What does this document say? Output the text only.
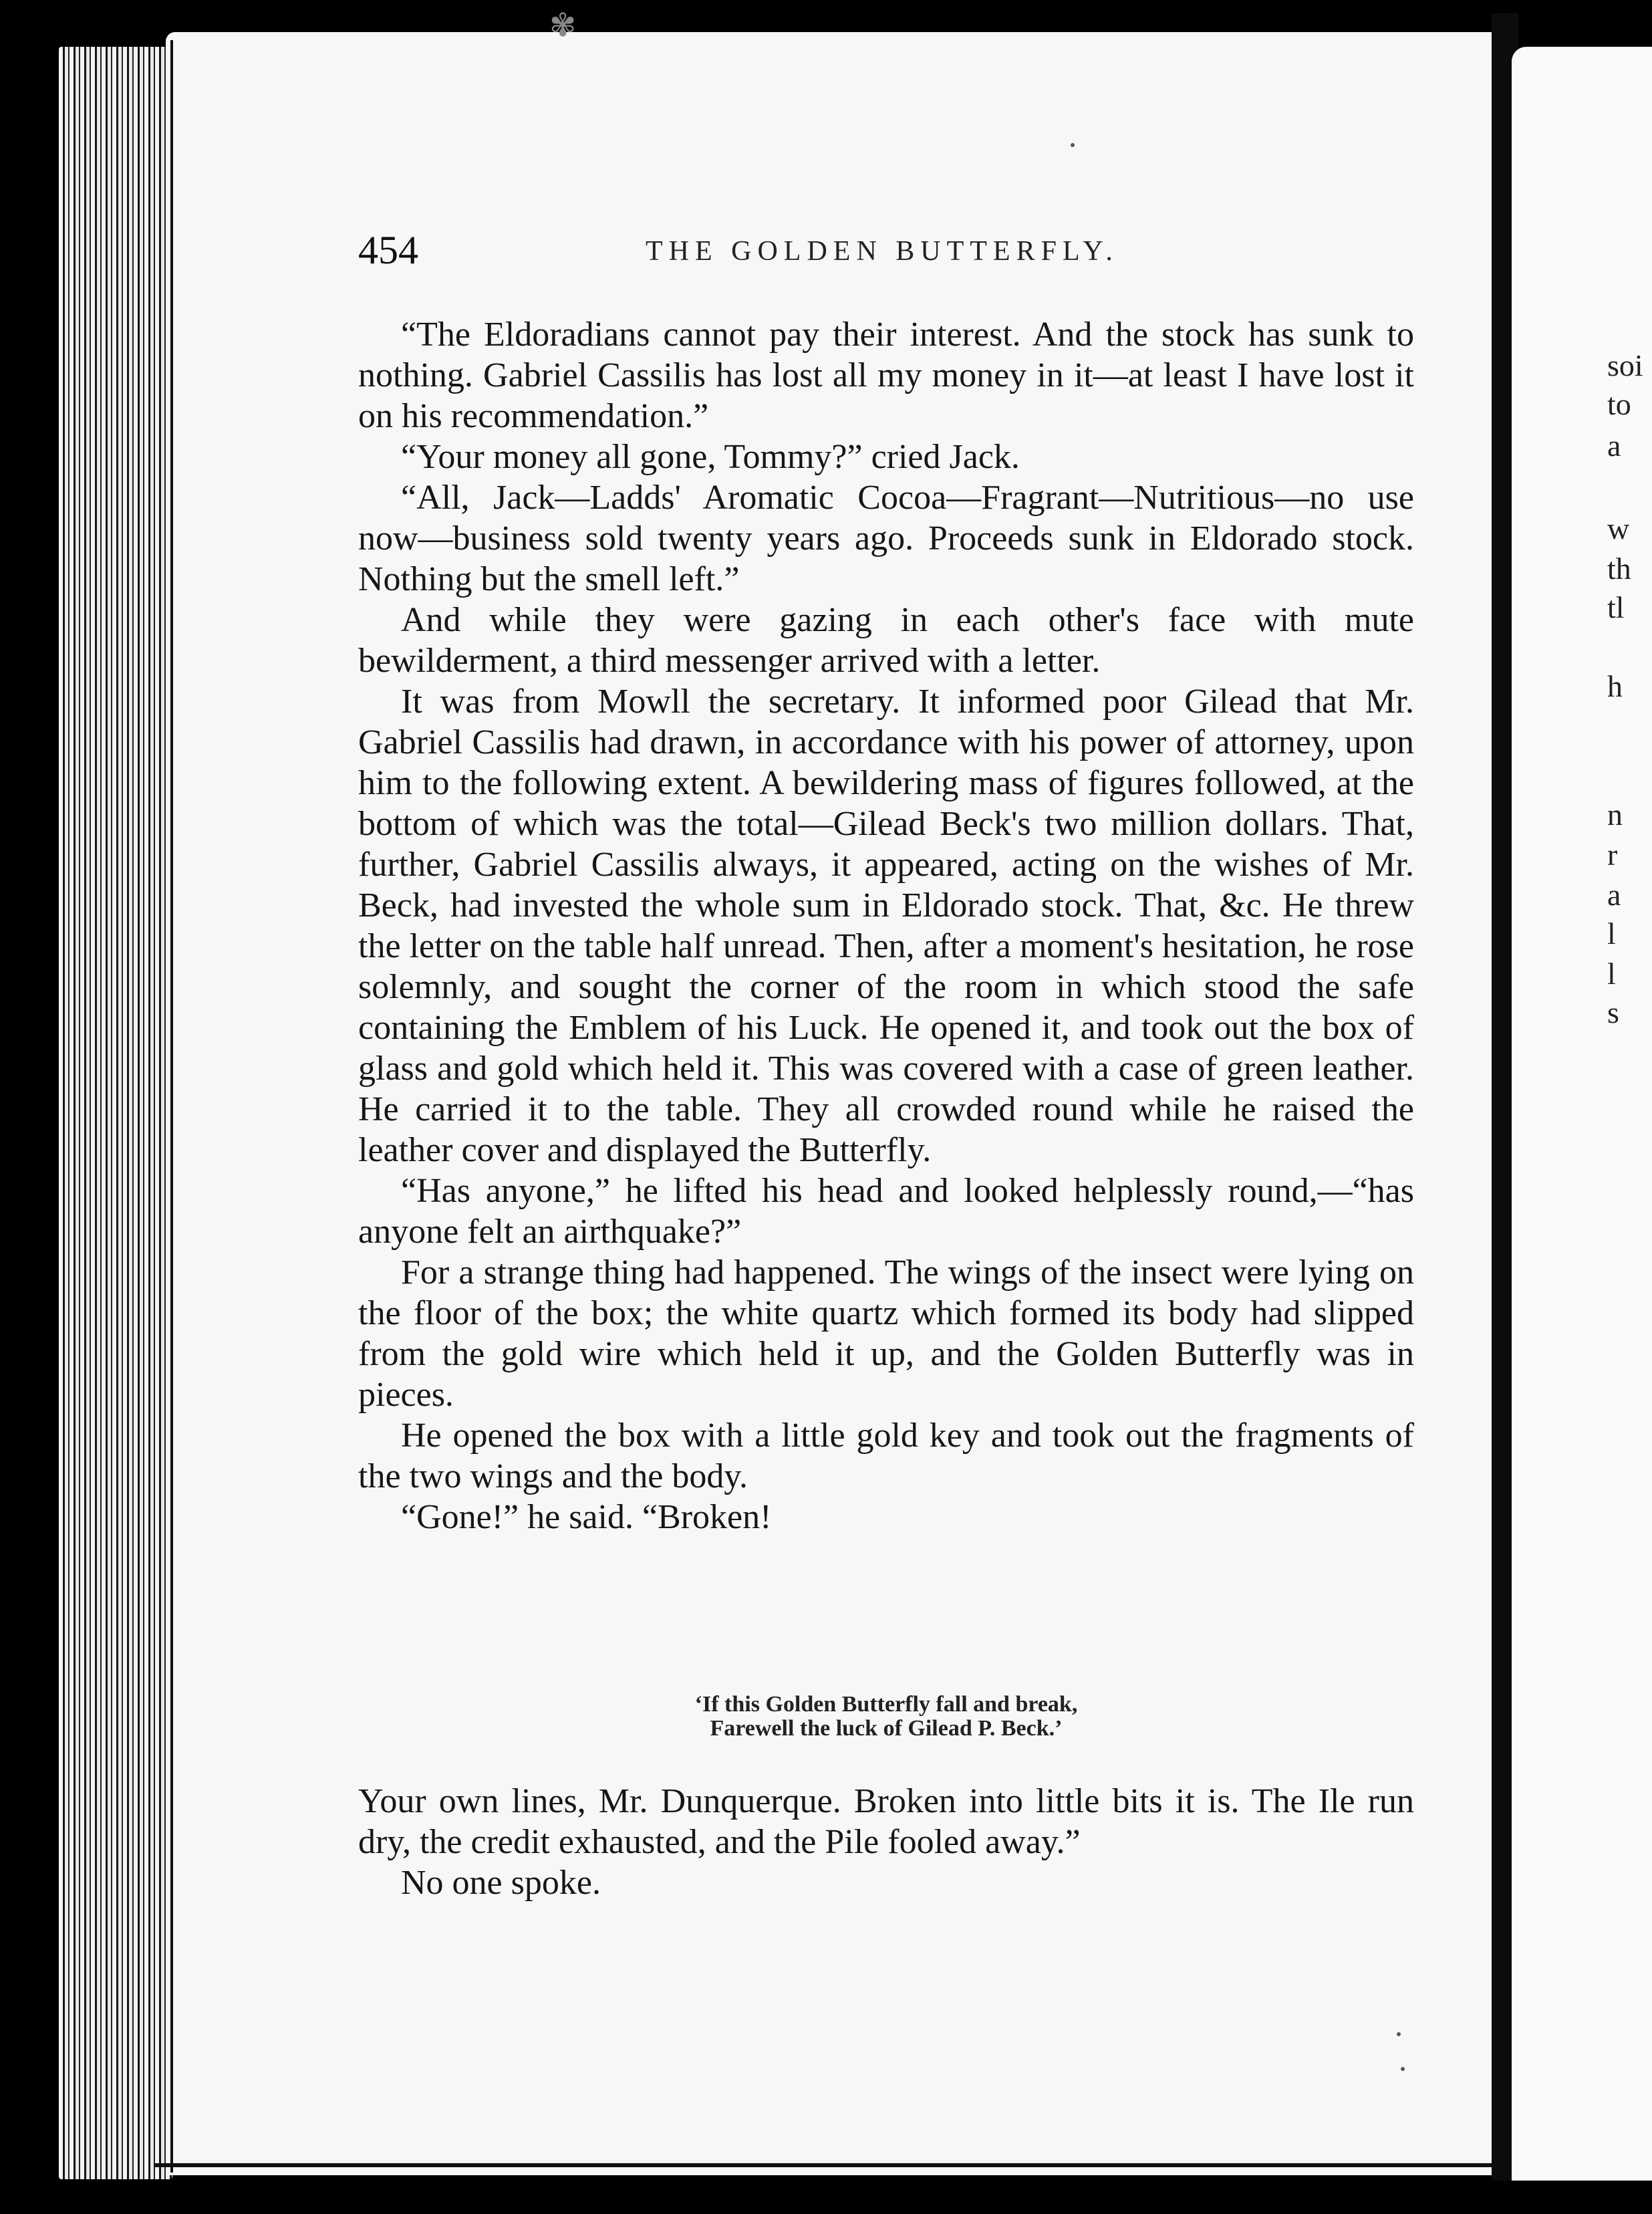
✾
soi
to
a
w
th
tl
h
n
r
a
l
l
s
454	THE GOLDEN BUTTERFLY.

“The Eldoradians cannot pay their interest. And the stock has sunk to nothing. Gabriel Cassilis has lost all my money in it—at least I have lost it on his recommendation.”

“Your money all gone, Tommy?” cried Jack.

“All, Jack—Ladds' Aromatic Cocoa—Fragrant—Nutritious—no use now—business sold twenty years ago. Proceeds sunk in Eldorado stock. Nothing but the smell left.”

And while they were gazing in each other's face with mute bewilderment, a third messenger arrived with a letter.

It was from Mowll the secretary. It informed poor Gilead that Mr. Gabriel Cassilis had drawn, in accordance with his power of attorney, upon him to the following extent. A bewildering mass of figures followed, at the bottom of which was the total—Gilead Beck's two million dollars. That, further, Gabriel Cassilis always, it appeared, acting on the wishes of Mr. Beck, had invested the whole sum in Eldorado stock. That, &c. He threw the letter on the table half unread. Then, after a moment's hesitation, he rose solemnly, and sought the corner of the room in which stood the safe containing the Emblem of his Luck. He opened it, and took out the box of glass and gold which held it. This was covered with a case of green leather. He carried it to the table. They all crowded round while he raised the leather cover and displayed the Butterfly.

“Has anyone,” he lifted his head and looked helplessly round,—“has anyone felt an airthquake?”

For a strange thing had happened. The wings of the insect were lying on the floor of the box; the white quartz which formed its body had slipped from the gold wire which held it up, and the Golden Butterfly was in pieces.

He opened the box with a little gold key and took out the fragments of the two wings and the body.

“Gone!” he said. “Broken!

‘If this Golden Butterfly fall and break,
Farewell the luck of Gilead P. Beck.’

Your own lines, Mr. Dunquerque. Broken into little bits it is. The Ile run dry, the credit exhausted, and the Pile fooled away.”

No one spoke.
